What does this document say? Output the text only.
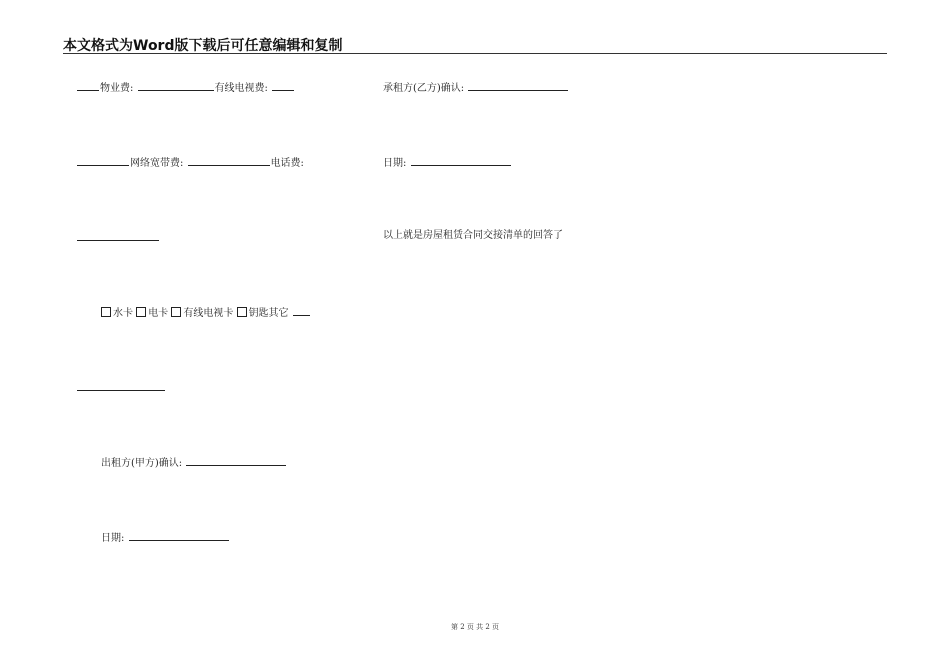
本文格式为Word版下载后可任意编辑和复制
物业费:	有线电视费:
网络宽带费:	电话费:
水卡 电卡 有线电视卡 钥匙其它
出租方(甲方)确认:
日期:
承租方(乙方)确认:
日期:
以上就是房屋租赁合同交接清单的回答了
第 2 页 共 2 页
